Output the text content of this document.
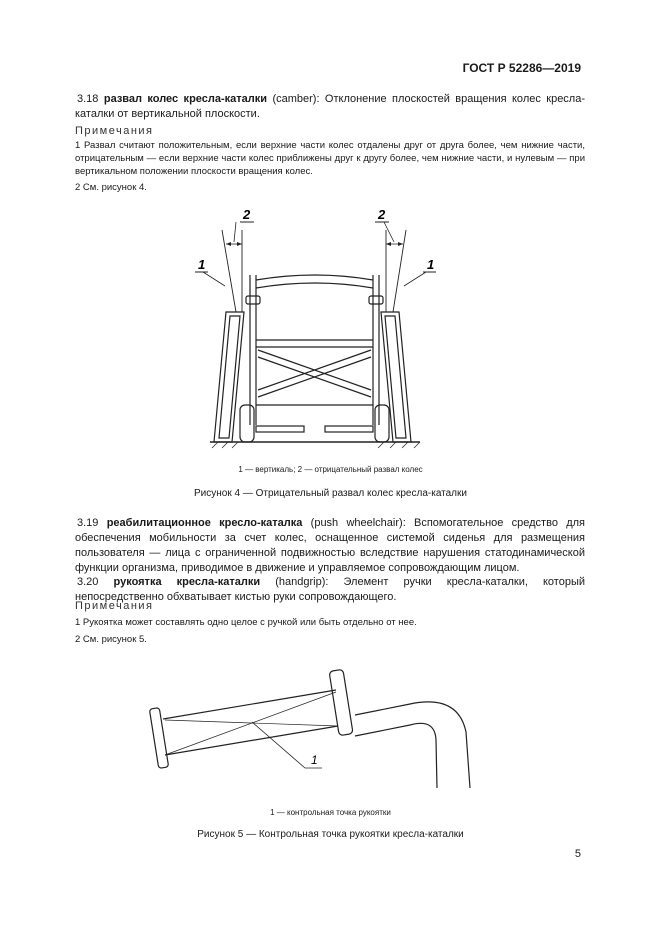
ГОСТ Р 52286—2019
3.18 развал колес кресла-каталки (camber): Отклонение плоскостей вращения колес кресла-каталки от вертикальной плоскости.
Примечания
1 Развал считают положительным, если верхние части колес отдалены друг от друга более, чем нижние части, отрицательным — если верхние части колес приближены друг к другу более, чем нижние части, и нулевым — при вертикальном положении плоскости вращения колес.
2 См. рисунок 4.
2	2
1	1
1 — вертикаль; 2 — отрицательный развал колес
Рисунок 4 — Отрицательный развал колес кресла-каталки
3.19 реабилитационное кресло-каталка (push wheelchair): Вспомогательное средство для обеспечения мобильности за счет колес, оснащенное системой сиденья для размещения пользователя — лица с ограниченной подвижностью вследствие нарушения статодинамической функции организма, приводимое в движение и управляемое сопровождающим лицом.
3.20 рукоятка кресла-каталки (handgrip): Элемент ручки кресла-каталки, который непосредственно обхватывает кистью руки сопровождающего.
Примечания
1 Рукоятка может составлять одно целое с ручкой или быть отдельно от нее.
2 См. рисунок 5.
1
1 — контрольная точка рукоятки
Рисунок 5 — Контрольная точка рукоятки кресла-каталки
5
